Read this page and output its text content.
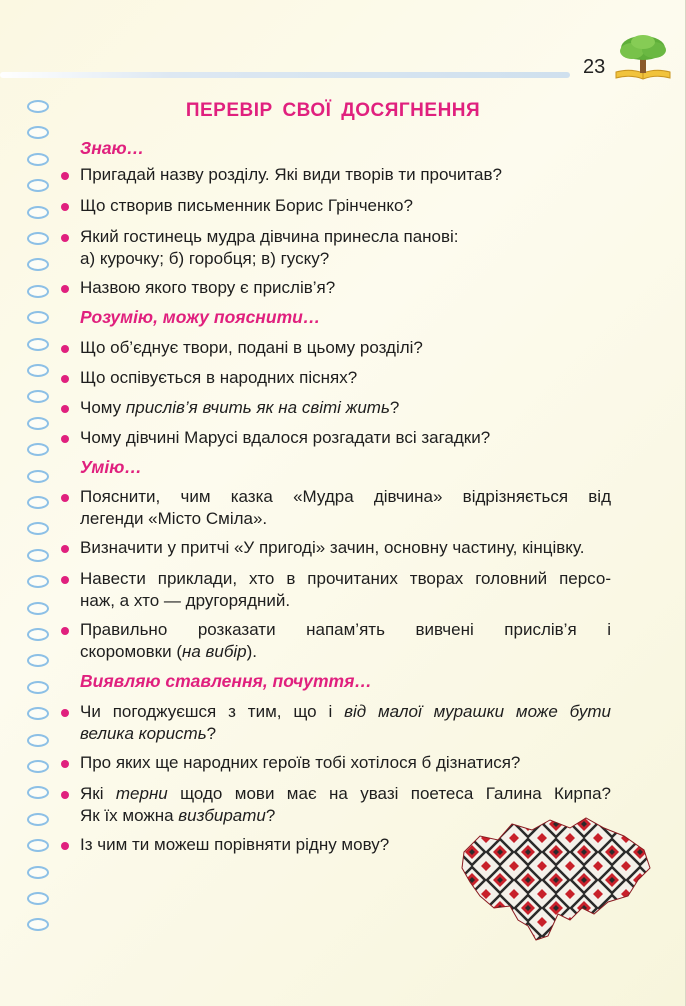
23
ПЕРЕВІР СВОЇ ДОСЯГНЕННЯ
Знаю…
Пригадай назву розділу. Які види творів ти прочитав?
Що створив письменник Борис Грінченко?
Який гостинець мудра дівчина принесла панові:
а) курочку; б) горобця; в) гуску?
Назвою якого твору є прислів’я?
Розумію, можу пояснити…
Що об’єднує твори, подані в цьому розділі?
Що оспівується в народних піснях?
Чому прислів’я вчить як на світі жить?
Чому дівчині Марусі вдалося розгадати всі загадки?
Умію…
Пояснити, чим казка «Мудра дівчина» відрізняється від
легенди «Місто Сміла».
Визначити у притчі «У пригоді» зачин, основну частину, кінцівку.
Навести приклади, хто в прочитаних творах головний персо-
наж, а хто — другорядний.
Правильно розказати напам’ять вивчені прислів’я і
скоромовки (на вибір).
Виявляю ставлення, почуття…
Чи погоджуєшся з тим, що і від малої мурашки може бути
велика користь?
Про яких ще народних героїв тобі хотілося б дізнатися?
Які терни щодо мови має на увазі поетеса Галина Кирпа?
Як їх можна визбирати?
Із чим ти можеш порівняти рідну мову?
